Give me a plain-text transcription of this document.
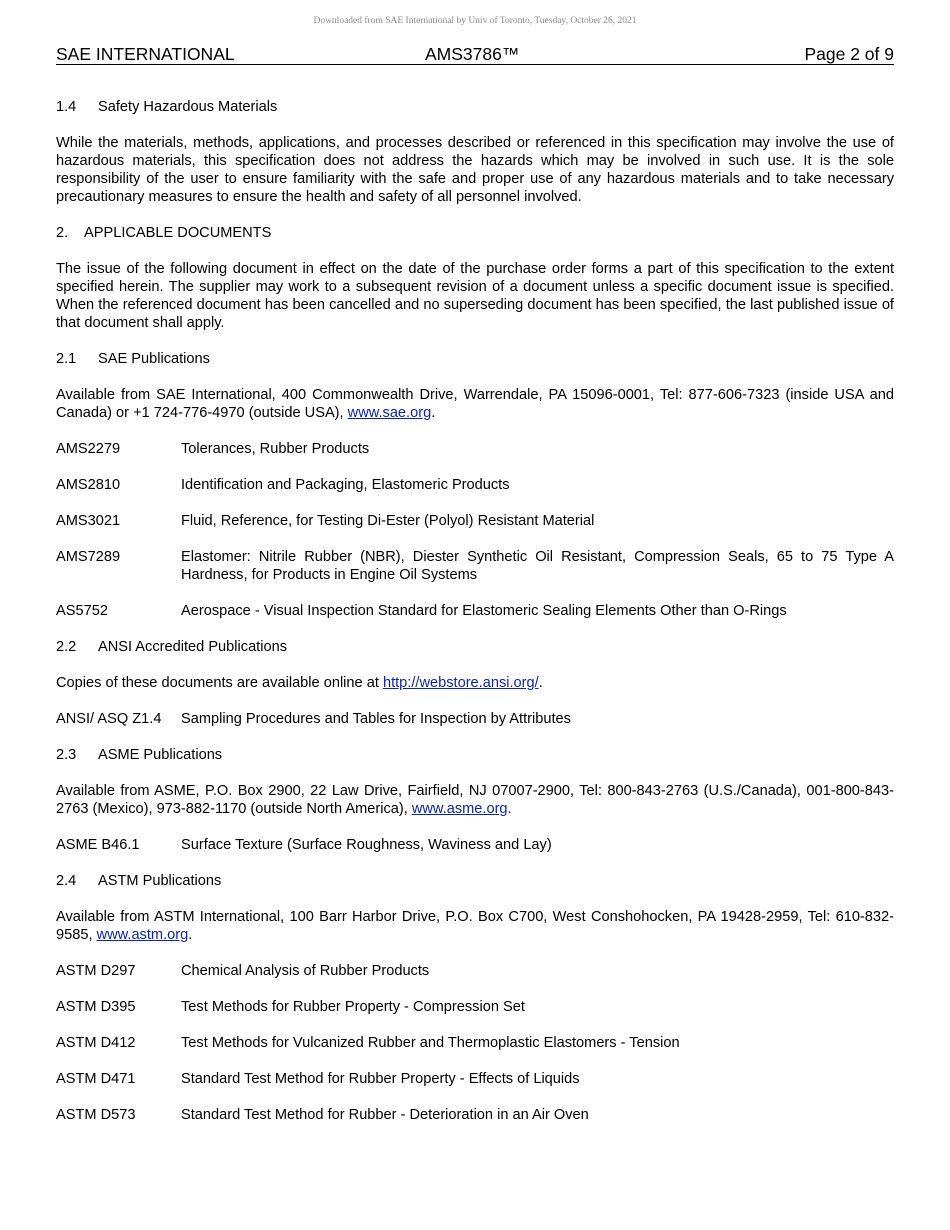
Downloaded from SAE International by Univ of Toronto, Tuesday, October 26, 2021
SAE INTERNATIONAL	AMS3786™	Page 2 of 9

1.4 Safety Hazardous Materials

While the materials, methods, applications, and processes described or referenced in this specification may involve the use of hazardous materials, this specification does not address the hazards which may be involved in such use. It is the sole responsibility of the user to ensure familiarity with the safe and proper use of any hazardous materials and to take necessary precautionary measures to ensure the health and safety of all personnel involved.

2. APPLICABLE DOCUMENTS

The issue of the following document in effect on the date of the purchase order forms a part of this specification to the extent specified herein. The supplier may work to a subsequent revision of a document unless a specific document issue is specified. When the referenced document has been cancelled and no superseding document has been specified, the last published issue of that document shall apply.

2.1 SAE Publications

Available from SAE International, 400 Commonwealth Drive, Warrendale, PA 15096-0001, Tel: 877-606-7323 (inside USA and Canada) or +1 724-776-4970 (outside USA), www.sae.org.

AMS2279	Tolerances, Rubber Products
AMS2810	Identification and Packaging, Elastomeric Products
AMS3021	Fluid, Reference, for Testing Di-Ester (Polyol) Resistant Material
AMS7289	Elastomer: Nitrile Rubber (NBR), Diester Synthetic Oil Resistant, Compression Seals, 65 to 75 Type A Hardness, for Products in Engine Oil Systems
AS5752	Aerospace - Visual Inspection Standard for Elastomeric Sealing Elements Other than O-Rings

2.2 ANSI Accredited Publications

Copies of these documents are available online at http://webstore.ansi.org/.

ANSI/ ASQ Z1.4	Sampling Procedures and Tables for Inspection by Attributes

2.3 ASME Publications

Available from ASME, P.O. Box 2900, 22 Law Drive, Fairfield, NJ 07007-2900, Tel: 800-843-2763 (U.S./Canada), 001-800-843-2763 (Mexico), 973-882-1170 (outside North America), www.asme.org.

ASME B46.1	Surface Texture (Surface Roughness, Waviness and Lay)

2.4 ASTM Publications

Available from ASTM International, 100 Barr Harbor Drive, P.O. Box C700, West Conshohocken, PA 19428-2959, Tel: 610-832-9585, www.astm.org.

ASTM D297	Chemical Analysis of Rubber Products
ASTM D395	Test Methods for Rubber Property - Compression Set
ASTM D412	Test Methods for Vulcanized Rubber and Thermoplastic Elastomers - Tension
ASTM D471	Standard Test Method for Rubber Property - Effects of Liquids
ASTM D573	Standard Test Method for Rubber - Deterioration in an Air Oven
